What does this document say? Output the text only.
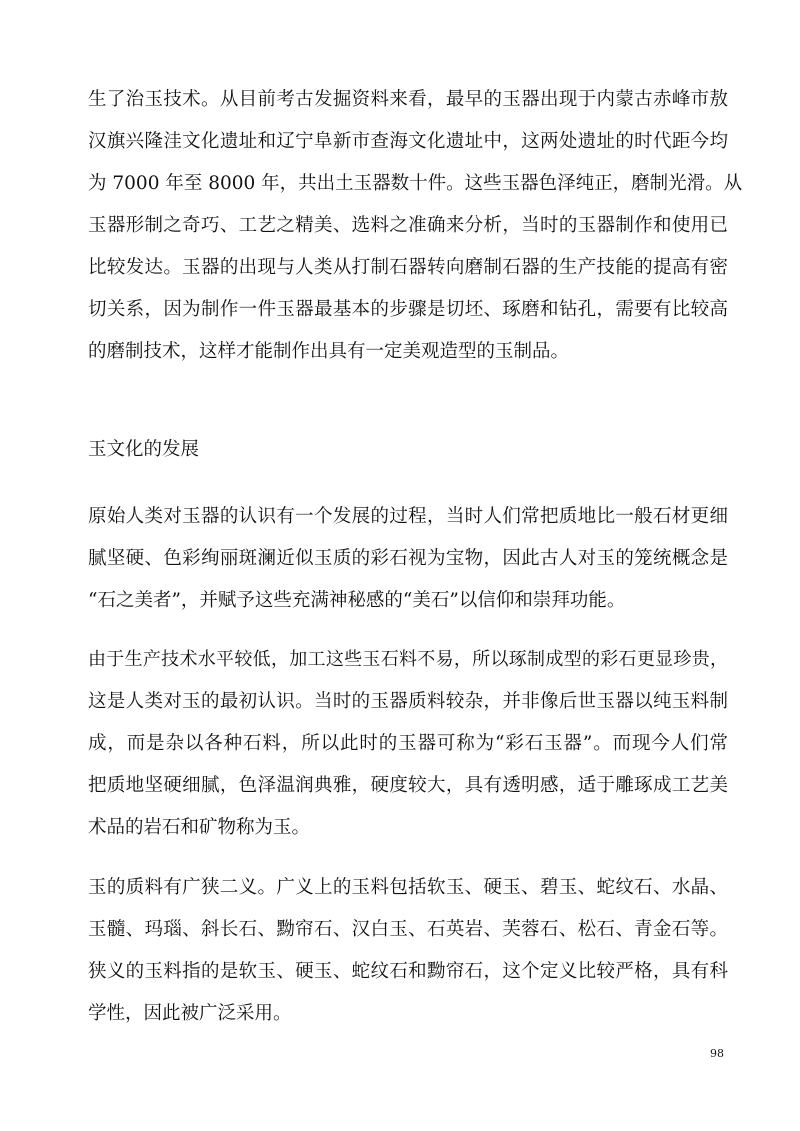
生了治玉技术。从目前考古发掘资料来看，最早的玉器出现于内蒙古赤峰市敖
汉旗兴隆洼文化遗址和辽宁阜新市查海文化遗址中，这两处遗址的时代距今均
为 7000 年至 8000 年，共出土玉器数十件。这些玉器色泽纯正，磨制光滑。从
玉器形制之奇巧、工艺之精美、选料之准确来分析，当时的玉器制作和使用已
比较发达。玉器的出现与人类从打制石器转向磨制石器的生产技能的提高有密
切关系，因为制作一件玉器最基本的步骤是切坯、琢磨和钻孔，需要有比较高
的磨制技术，这样才能制作出具有一定美观造型的玉制品。
玉文化的发展
原始人类对玉器的认识有一个发展的过程，当时人们常把质地比一般石材更细
腻坚硬、色彩绚丽斑澜近似玉质的彩石视为宝物，因此古人对玉的笼统概念是
“石之美者”，并赋予这些充满神秘感的“美石”以信仰和崇拜功能。
由于生产技术水平较低，加工这些玉石料不易，所以琢制成型的彩石更显珍贵，
这是人类对玉的最初认识。当时的玉器质料较杂，并非像后世玉器以纯玉料制
成，而是杂以各种石料，所以此时的玉器可称为“彩石玉器”。而现今人们常
把质地坚硬细腻，色泽温润典雅，硬度较大，具有透明感，适于雕琢成工艺美
术品的岩石和矿物称为玉。
玉的质料有广狭二义。广义上的玉料包括软玉、硬玉、碧玉、蛇纹石、水晶、
玉髓、玛瑙、斜长石、黝帘石、汉白玉、石英岩、芙蓉石、松石、青金石等。
狭义的玉料指的是软玉、硬玉、蛇纹石和黝帘石，这个定义比较严格，具有科
学性，因此被广泛采用。
98
